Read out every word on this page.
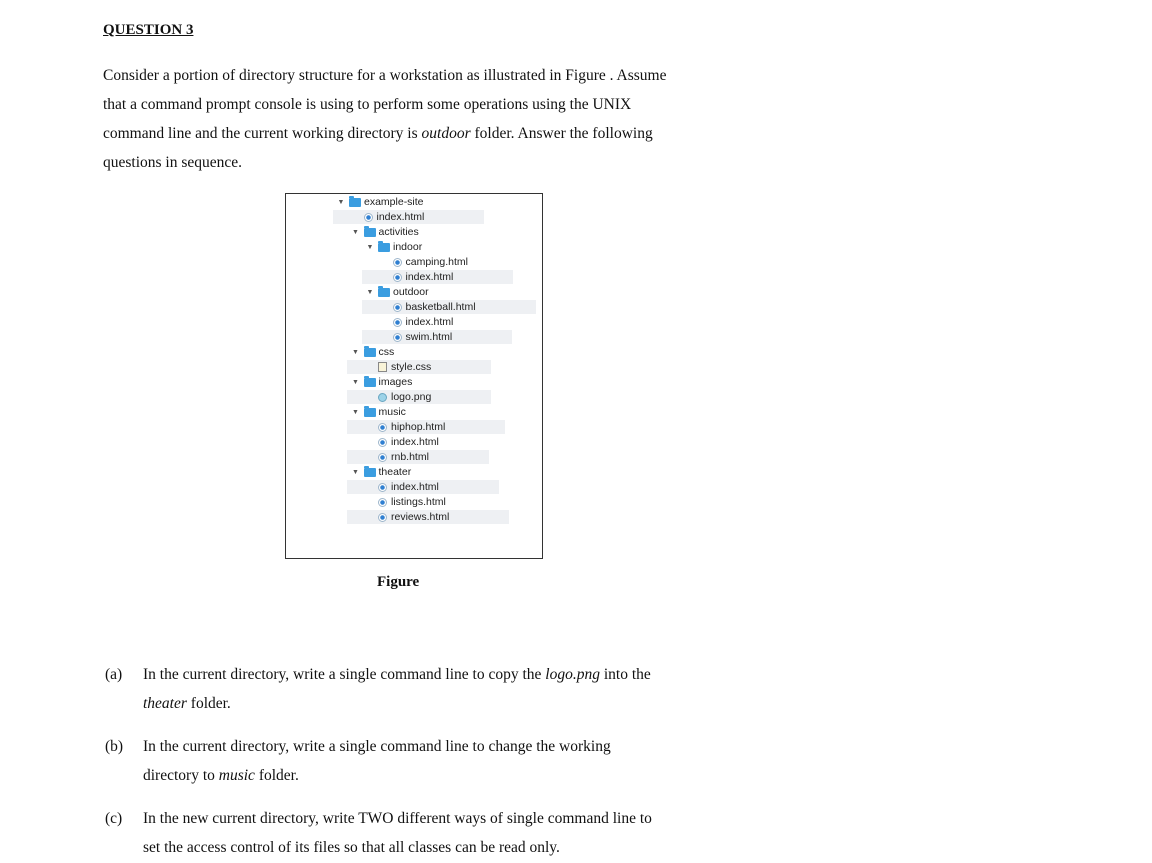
QUESTION 3

Consider a portion of directory structure for a workstation as illustrated in Figure . Assume

that a command prompt console is using to perform some operations using the UNIX

command line and the current working directory is outdoor folder. Answer the following

questions in sequence.

▼ example-site
index.html
▼ activities
▼ indoor
camping.html
index.html
▼ outdoor
basketball.html
index.html
swim.html
▼ css
style.css
▼ images
logo.png
▼ music
hiphop.html
index.html
rnb.html
▼ theater
index.html
listings.html
reviews.html
Figure
(a) In the current directory, write a single command line to copy the logo.png into the

theater folder.

(b) In the current directory, write a single command line to change the working

directory to music folder.

(c) In the new current directory, write TWO different ways of single command line to

set the access control of its files so that all classes can be read only.
